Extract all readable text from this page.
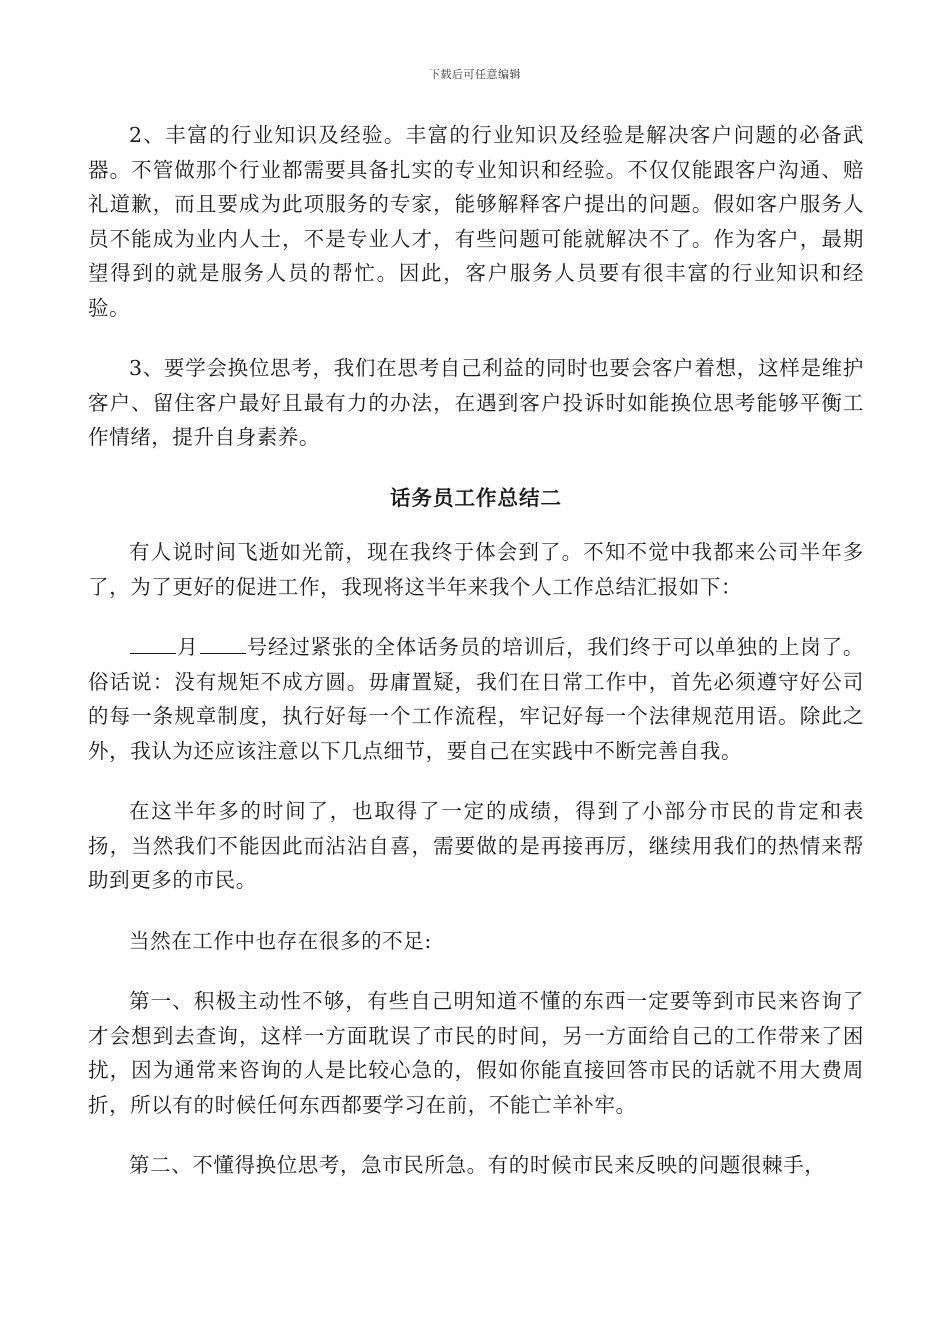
下载后可任意编辑

2、丰富的行业知识及经验。丰富的行业知识及经验是解决客户问题的必备武器。不管做那个行业都需要具备扎实的专业知识和经验。不仅仅能跟客户沟通、赔礼道歉，而且要成为此项服务的专家，能够解释客户提出的问题。假如客户服务人员不能成为业内人士，不是专业人才，有些问题可能就解决不了。作为客户，最期望得到的就是服务人员的帮忙。因此，客户服务人员要有很丰富的行业知识和经验。

3、要学会换位思考，我们在思考自己利益的同时也要会客户着想，这样是维护客户、留住客户最好且最有力的办法，在遇到客户投诉时如能换位思考能够平衡工作情绪，提升自身素养。

话务员工作总结二

有人说时间飞逝如光箭，现在我终于体会到了。不知不觉中我都来公司半年多了，为了更好的促进工作，我现将这半年来我个人工作总结汇报如下：

月 号经过紧张的全体话务员的培训后，我们终于可以单独的上岗了。俗话说：没有规矩不成方圆。毋庸置疑，我们在日常工作中，首先必须遵守好公司的每一条规章制度，执行好每一个工作流程，牢记好每一个法律规范用语。除此之外，我认为还应该注意以下几点细节，要自己在实践中不断完善自我。

在这半年多的时间了，也取得了一定的成绩，得到了小部分市民的肯定和表扬，当然我们不能因此而沾沾自喜，需要做的是再接再厉，继续用我们的热情来帮助到更多的市民。

当然在工作中也存在很多的不足:

第一、积极主动性不够，有些自己明知道不懂的东西一定要等到市民来咨询了才会想到去查询，这样一方面耽误了市民的时间，另一方面给自己的工作带来了困扰，因为通常来咨询的人是比较心急的，假如你能直接回答市民的话就不用大费周折，所以有的时候任何东西都要学习在前，不能亡羊补牢。

第二、不懂得换位思考，急市民所急。有的时候市民来反映的问题很棘手，
